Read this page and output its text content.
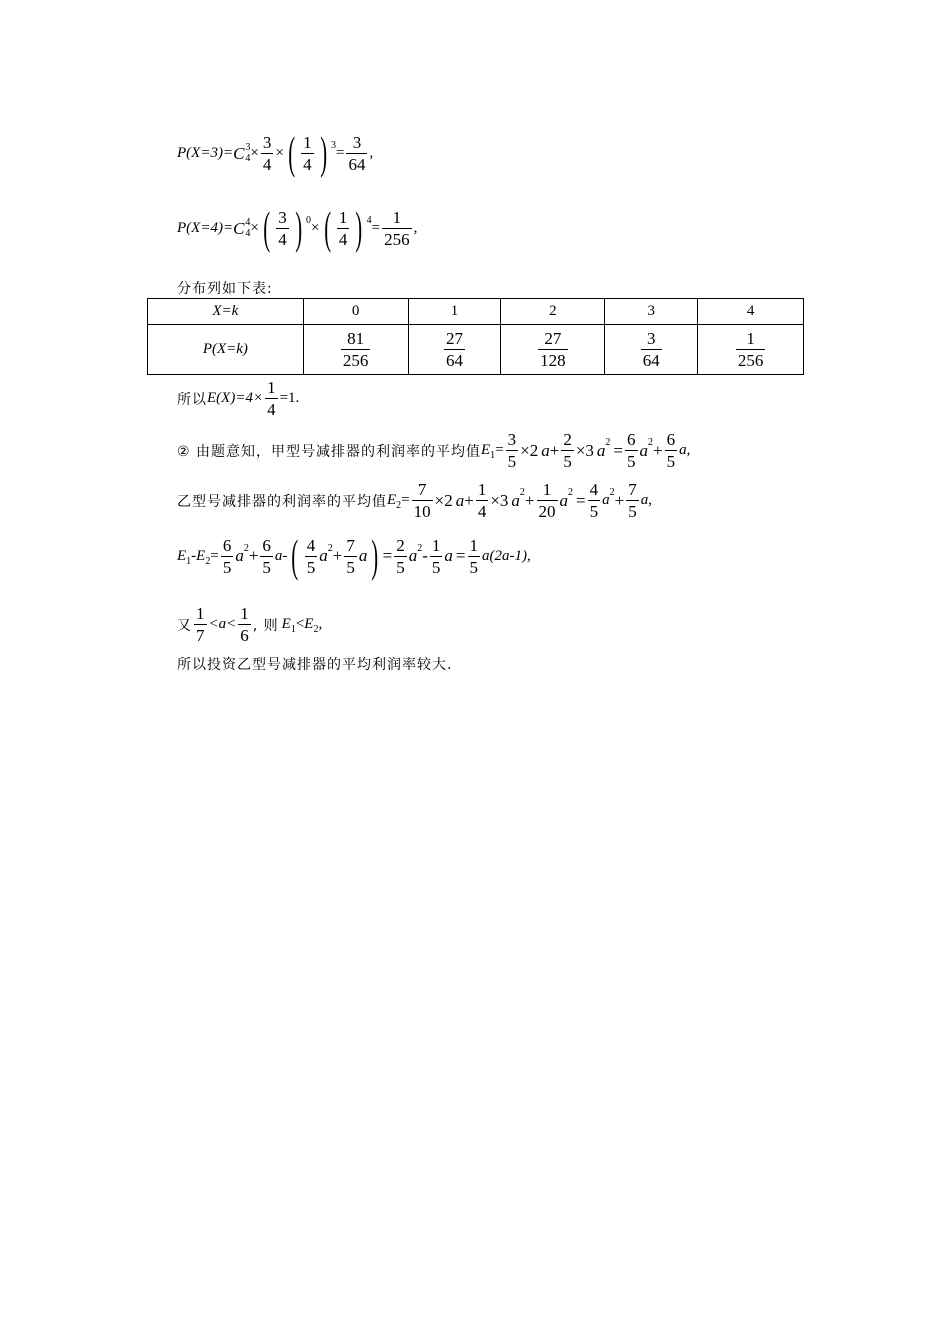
P(X=3)= C 3
$4 \times \frac{3}{4}$ × ( $\frac{1}{4}$ ) $3 = \frac{3}{64}$ ,
P(X=4)= C 4
4 × ( $\frac{3}{4}$ ) 0 × ( $\frac{1}{4}$ ) $4 = \frac{1}{256}$ ,
分布列如下表:
X=k	0	1	2	3	4
P(X=k)	$\frac{81}{256}$	$\frac{27}{64}$	$\frac{27}{128}$	$\frac{3}{64}$	$\frac{1}{256}$
所以 $E(X)=4\times \frac{1}{4} =1$.
② 由题意知，甲型号减排器的利润率的平均值 E $1 = \frac{3}{5} \times 2$ $a + \frac{2}{5} \times 3$ a $2 = \frac{6}{5}$ a $2 + \frac{6}{5}$ a ,
乙型号减排器的利润率的平均值 E $2 = \frac{7}{10} \times 2$ $a + \frac{1}{4} \times 3$ a $2 + \frac{1}{20}$ a $2 = \frac{4}{5}$ a $2 + \frac{7}{5}$ a ,
E 1 - E $2 = \frac{6}{5}$ a $2 + \frac{6}{5}$ a - ( $\frac{4}{5}$ a $2 + \frac{7}{5}$ a ) = $\frac{2}{5}$ a $2 - \frac{1}{5}$ $a = \frac{1}{5} a(2a-1)$,
又 $\frac{1}{7} <a< \frac{1}{6}$ , 则 E 1 < E 2 ,
所以投资乙型号减排器的平均利润率较大.
